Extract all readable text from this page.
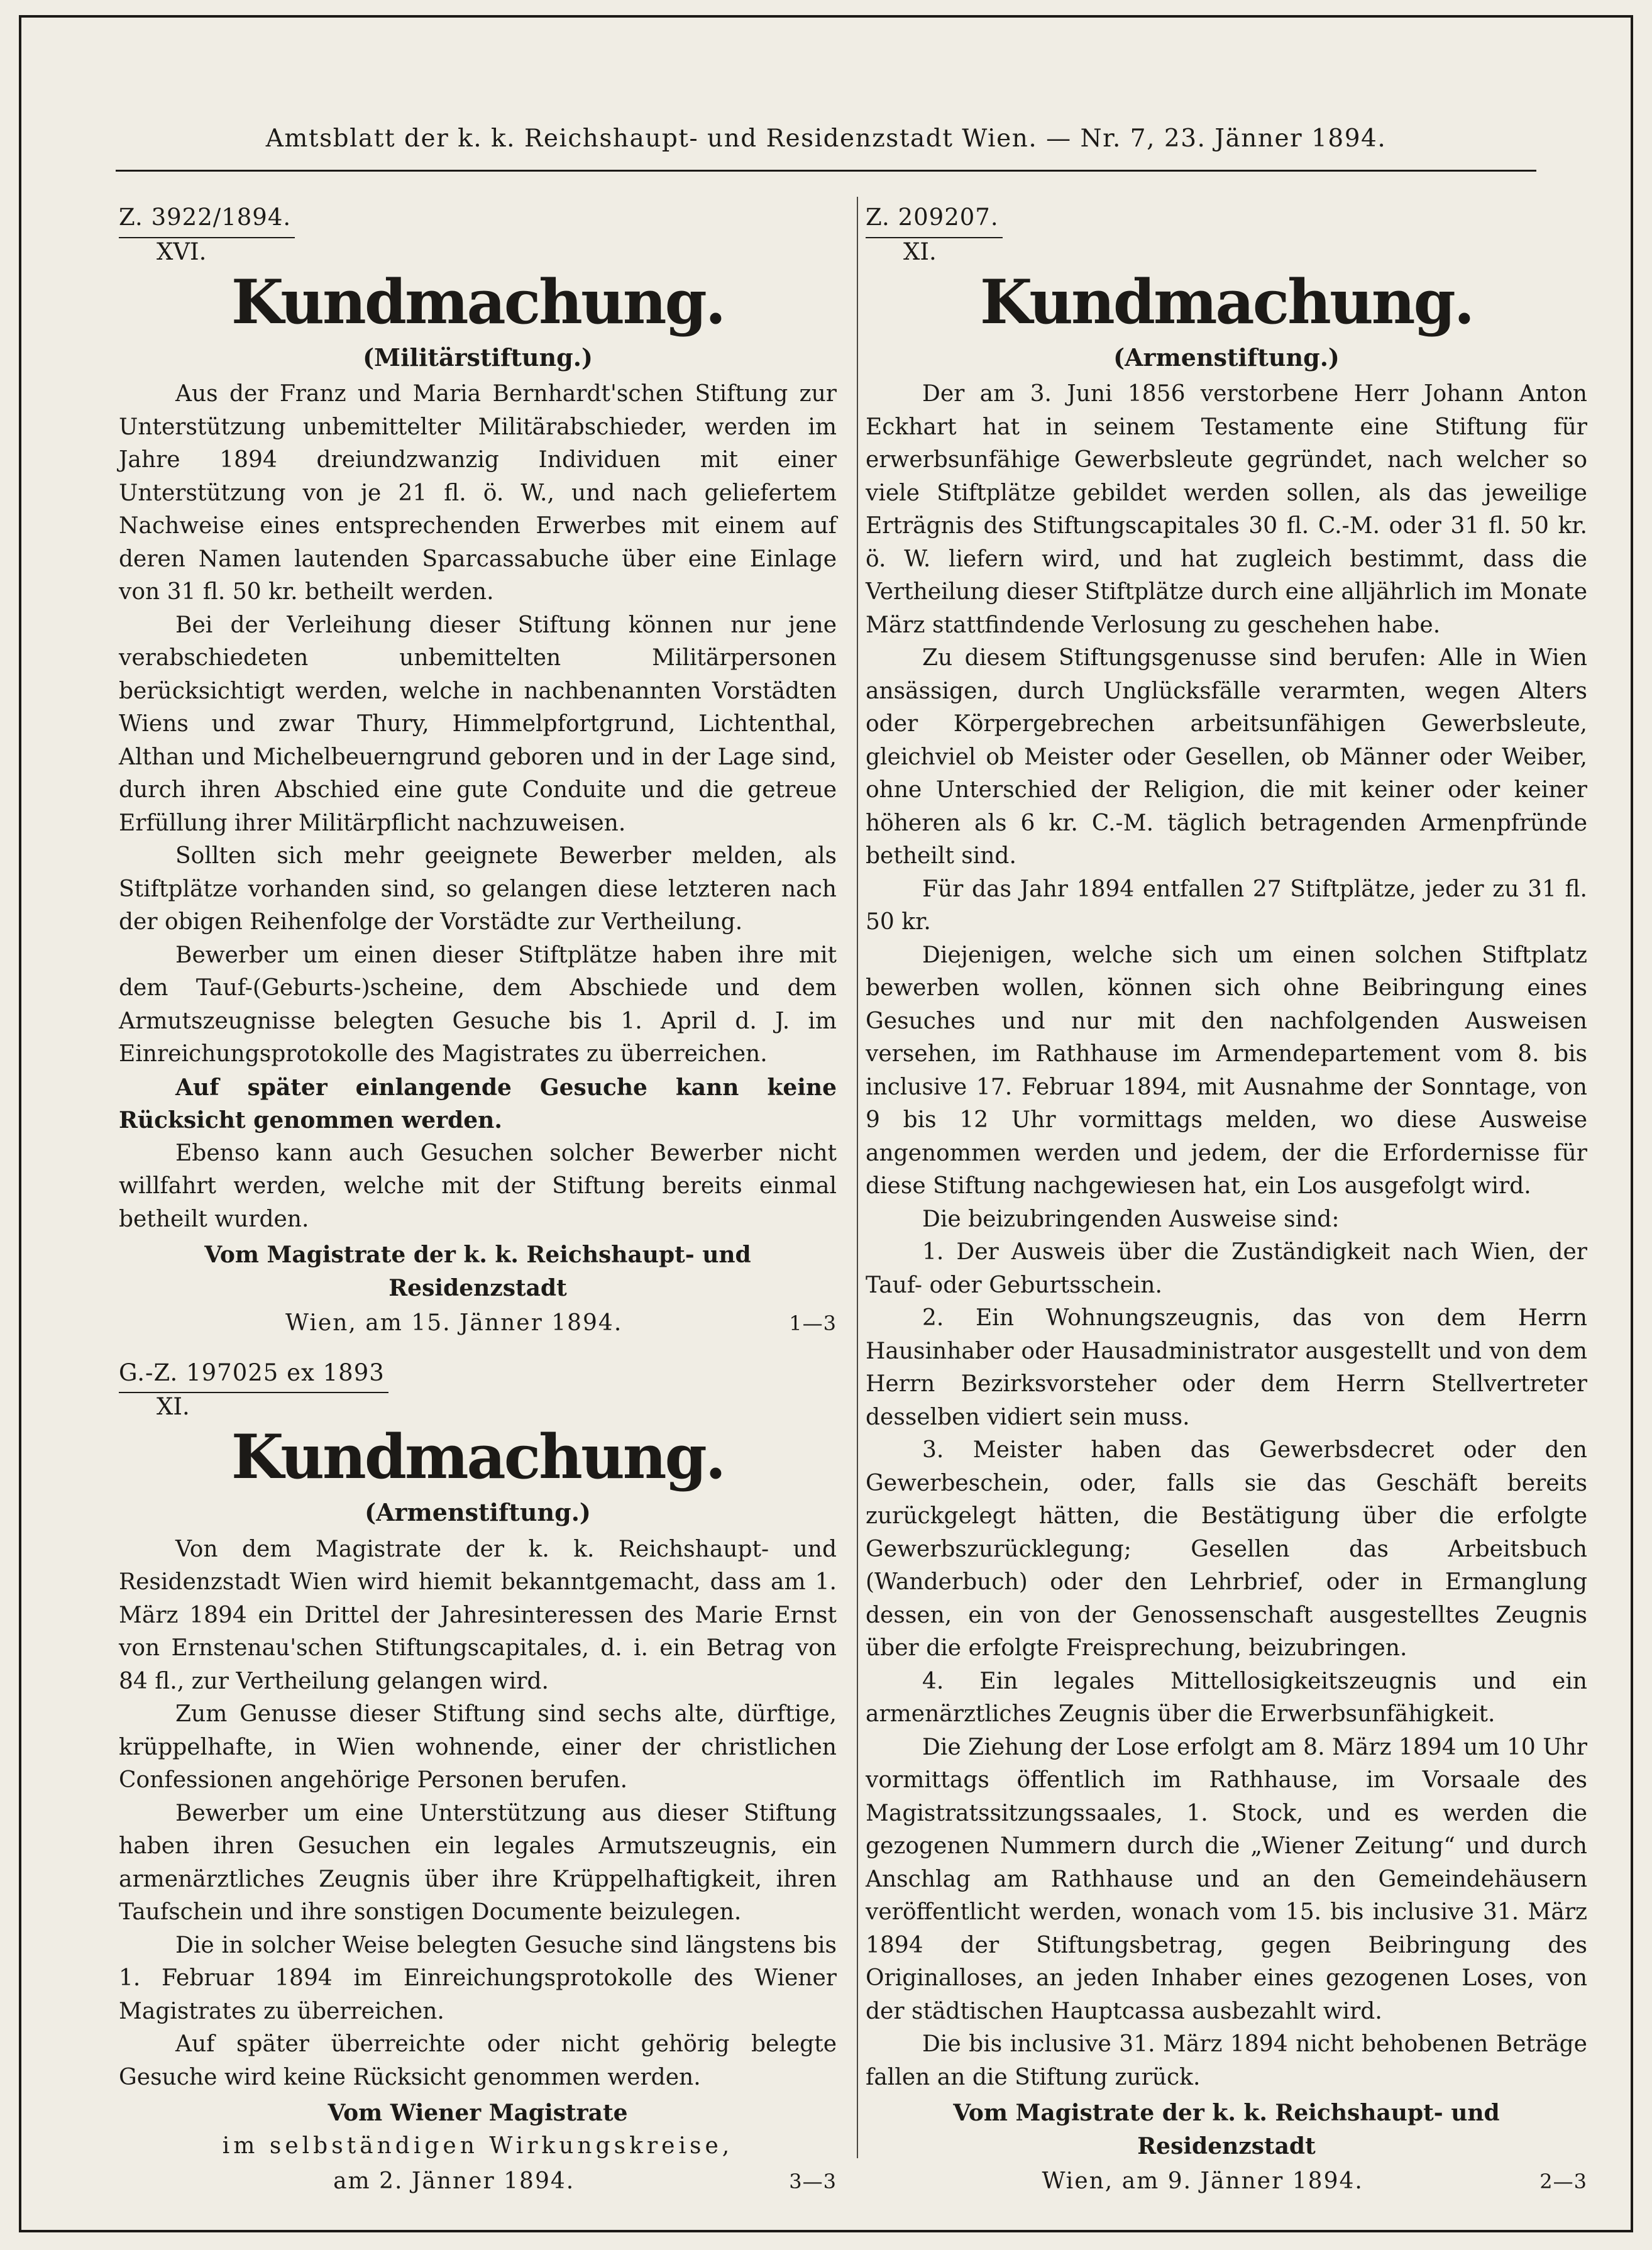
Amtsblatt der k. k. Reichshaupt- und Residenzstadt Wien. — Nr. 7, 23. Jänner 1894.
Z. 3922/1894.
XVI.
Kundmachung.
(Militärstiftung.)

Aus der Franz und Maria Bernhardt'schen Stiftung zur Unterstützung unbemittelter Militärabschieder, werden im Jahre 1894 dreiundzwanzig Individuen mit einer Unterstützung von je 21 fl. ö. W., und nach geliefertem Nachweise eines entsprechenden Erwerbes mit einem auf deren Namen lautenden Sparcassabuche über eine Einlage von 31 fl. 50 kr. betheilt werden.

Bei der Verleihung dieser Stiftung können nur jene verabschiedeten unbemittelten Militärpersonen berücksichtigt werden, welche in nachbenannten Vorstädten Wiens und zwar Thury, Himmelpfortgrund, Lichtenthal, Althan und Michelbeuerngrund geboren und in der Lage sind, durch ihren Abschied eine gute Conduite und die getreue Erfüllung ihrer Militärpflicht nachzuweisen.

Sollten sich mehr geeignete Bewerber melden, als Stiftplätze vorhanden sind, so gelangen diese letzteren nach der obigen Reihenfolge der Vorstädte zur Vertheilung.

Bewerber um einen dieser Stiftplätze haben ihre mit dem Tauf-(Geburts-)scheine, dem Abschiede und dem Armutszeugnisse belegten Gesuche bis 1. April d. J. im Einreichungsprotokolle des Magistrates zu überreichen.

Auf später einlangende Gesuche kann keine Rücksicht genommen werden.

Ebenso kann auch Gesuchen solcher Bewerber nicht willfahrt werden, welche mit der Stiftung bereits einmal betheilt wurden.

Vom Magistrate der k. k. Reichshaupt- und Residenzstadt

Wien, am 15. Jänner 1894.	1—3
G.-Z. 197025 ex 1893
XI.
Kundmachung.
(Armenstiftung.)

Von dem Magistrate der k. k. Reichshaupt- und Residenzstadt Wien wird hiemit bekanntgemacht, dass am 1. März 1894 ein Drittel der Jahresinteressen des Marie Ernst von Ernstenau'schen Stiftungscapitales, d. i. ein Betrag von 84 fl., zur Vertheilung gelangen wird.

Zum Genusse dieser Stiftung sind sechs alte, dürftige, krüppelhafte, in Wien wohnende, einer der christlichen Confessionen angehörige Personen berufen.

Bewerber um eine Unterstützung aus dieser Stiftung haben ihren Gesuchen ein legales Armutszeugnis, ein armenärztliches Zeugnis über ihre Krüppelhaftigkeit, ihren Taufschein und ihre sonstigen Documente beizulegen.

Die in solcher Weise belegten Gesuche sind längstens bis 1. Februar 1894 im Einreichungsprotokolle des Wiener Magistrates zu überreichen.

Auf später überreichte oder nicht gehörig belegte Gesuche wird keine Rücksicht genommen werden.

Vom Wiener Magistrate

im selbständigen Wirkungskreise,

am 2. Jänner 1894.	3—3
Z. 209207.
XI.
Kundmachung.
(Armenstiftung.)

Der am 3. Juni 1856 verstorbene Herr Johann Anton Eckhart hat in seinem Testamente eine Stiftung für erwerbsunfähige Gewerbsleute gegründet, nach welcher so viele Stiftplätze gebildet werden sollen, als das jeweilige Erträgnis des Stiftungscapitales 30 fl. C.-M. oder 31 fl. 50 kr. ö. W. liefern wird, und hat zugleich bestimmt, dass die Vertheilung dieser Stiftplätze durch eine alljährlich im Monate März stattfindende Verlosung zu geschehen habe.

Zu diesem Stiftungsgenusse sind berufen: Alle in Wien ansässigen, durch Unglücksfälle verarmten, wegen Alters oder Körpergebrechen arbeitsunfähigen Gewerbsleute, gleichviel ob Meister oder Gesellen, ob Männer oder Weiber, ohne Unterschied der Religion, die mit keiner oder keiner höheren als 6 kr. C.-M. täglich betragenden Armenpfründe betheilt sind.

Für das Jahr 1894 entfallen 27 Stiftplätze, jeder zu 31 fl. 50 kr.

Diejenigen, welche sich um einen solchen Stiftplatz bewerben wollen, können sich ohne Beibringung eines Gesuches und nur mit den nachfolgenden Ausweisen versehen, im Rathhause im Armendepartement vom 8. bis inclusive 17. Februar 1894, mit Ausnahme der Sonntage, von 9 bis 12 Uhr vormittags melden, wo diese Ausweise angenommen werden und jedem, der die Erfordernisse für diese Stiftung nachgewiesen hat, ein Los ausgefolgt wird.

Die beizubringenden Ausweise sind:

1. Der Ausweis über die Zuständigkeit nach Wien, der Tauf- oder Geburtsschein.

2. Ein Wohnungszeugnis, das von dem Herrn Hausinhaber oder Hausadministrator ausgestellt und von dem Herrn Bezirksvorsteher oder dem Herrn Stellvertreter desselben vidiert sein muss.

3. Meister haben das Gewerbsdecret oder den Gewerbeschein, oder, falls sie das Geschäft bereits zurückgelegt hätten, die Bestätigung über die erfolgte Gewerbszurücklegung; Gesellen das Arbeitsbuch (Wanderbuch) oder den Lehrbrief, oder in Ermanglung dessen, ein von der Genossenschaft ausgestelltes Zeugnis über die erfolgte Freisprechung, beizubringen.

4. Ein legales Mittellosigkeitszeugnis und ein armenärztliches Zeugnis über die Erwerbsunfähigkeit.

Die Ziehung der Lose erfolgt am 8. März 1894 um 10 Uhr vormittags öffentlich im Rathhause, im Vorsaale des Magistratssitzungssaales, 1. Stock, und es werden die gezogenen Nummern durch die „Wiener Zeitung“ und durch Anschlag am Rathhause und an den Gemeindehäusern veröffentlicht werden, wonach vom 15. bis inclusive 31. März 1894 der Stiftungsbetrag, gegen Beibringung des Originalloses, an jeden Inhaber eines gezogenen Loses, von der städtischen Hauptcassa ausbezahlt wird.

Die bis inclusive 31. März 1894 nicht behobenen Beträge fallen an die Stiftung zurück.

Vom Magistrate der k. k. Reichshaupt- und Residenzstadt

Wien, am 9. Jänner 1894.	2—3
